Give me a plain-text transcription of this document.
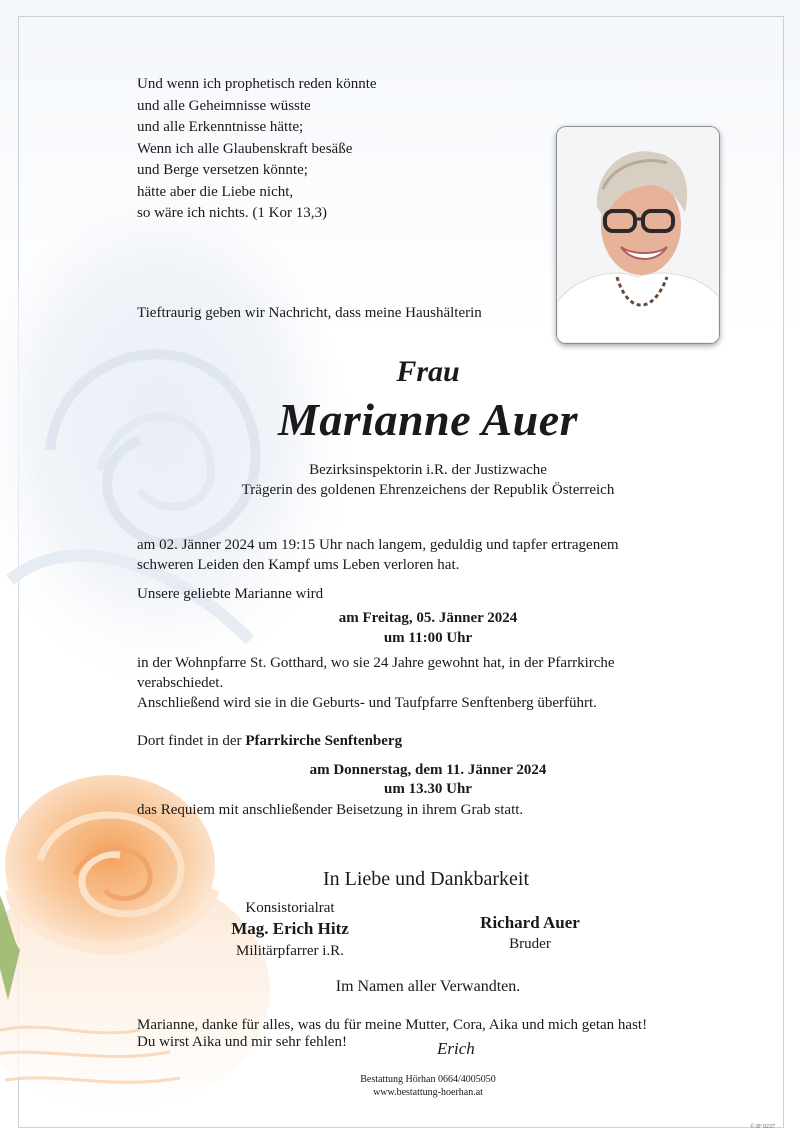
Und wenn ich prophetisch reden könnte
und alle Geheimnisse wüsste
und alle Erkenntnisse hätte;
Wenn ich alle Glaubenskraft besäße
und Berge versetzen könnte;
hätte aber die Liebe nicht,
so wäre ich nichts. (1 Kor 13,3)
Tieftraurig geben wir Nachricht, dass meine Haushälterin
Frau
Marianne Auer
Bezirksinspektorin i.R. der Justizwache
Trägerin des goldenen Ehrenzeichens der Republik Österreich
am 02. Jänner 2024 um 19:15 Uhr nach langem, geduldig und tapfer ertragenem
schweren Leiden den Kampf ums Leben verloren hat.
Unsere geliebte Marianne wird
am Freitag, 05. Jänner 2024
um 11:00 Uhr
in der Wohnpfarre St. Gotthard, wo sie 24 Jahre gewohnt hat, in der Pfarrkirche
verabschiedet.
Anschließend wird sie in die Geburts- und Taufpfarre Senftenberg überführt.
Dort findet in der Pfarrkirche Senftenberg
am Donnerstag, dem 11. Jänner 2024
um 13.30 Uhr
das Requiem mit anschließender Beisetzung in ihrem Grab statt.
In Liebe und Dankbarkeit
Konsistorialrat
Mag. Erich Hitz
Militärpfarrer i.R.
Richard Auer
Bruder
Im Namen aller Verwandten.
Marianne, danke für alles, was du für meine Mutter, Cora, Aika und mich getan hast!
Du wirst Aika und mir sehr fehlen!	Erich
Bestattung Hörhan 0664/4005050
www.bestattung-hoerhan.at
© IF 9237
